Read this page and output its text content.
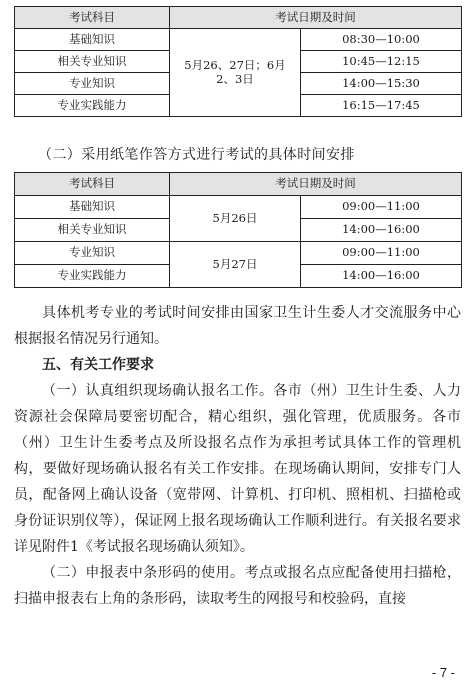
考试科目	考试日期及时间	
基础知识	5月26、27日；6月2、3日	08:30—10:00
相关专业知识		10:45—12:15
专业知识		14:00—15:30
专业实践能力		16:15—17:45

（二）采用纸笔作答方式进行考试的具体时间安排

考试科目	考试日期及时间	
基础知识	5月26日	09:00—11:00
相关专业知识		14:00—16:00
专业知识	5月27日	09:00—11:00
专业实践能力		14:00—16:00

具体机考专业的考试时间安排由国家卫生计生委人才交流服务中心根据报名情况另行通知。

五、有关工作要求

（一）认真组织现场确认报名工作。各市（州）卫生计生委、人力资源社会保障局要密切配合，精心组织，强化管理，优质服务。各市（州）卫生计生委考点及所设报名点作为承担考试具体工作的管理机构，要做好现场确认报名有关工作安排。在现场确认期间，安排专门人员，配备网上确认设备（宽带网、计算机、打印机、照相机、扫描枪或身份证识别仪等），保证网上报名现场确认工作顺利进行。有关报名要求详见附件1《考试报名现场确认须知》。

（二）申报表中条形码的使用。考点或报名点应配备使用扫描枪，扫描申报表右上角的条形码，读取考生的网报号和校验码，直接

- 7 -
